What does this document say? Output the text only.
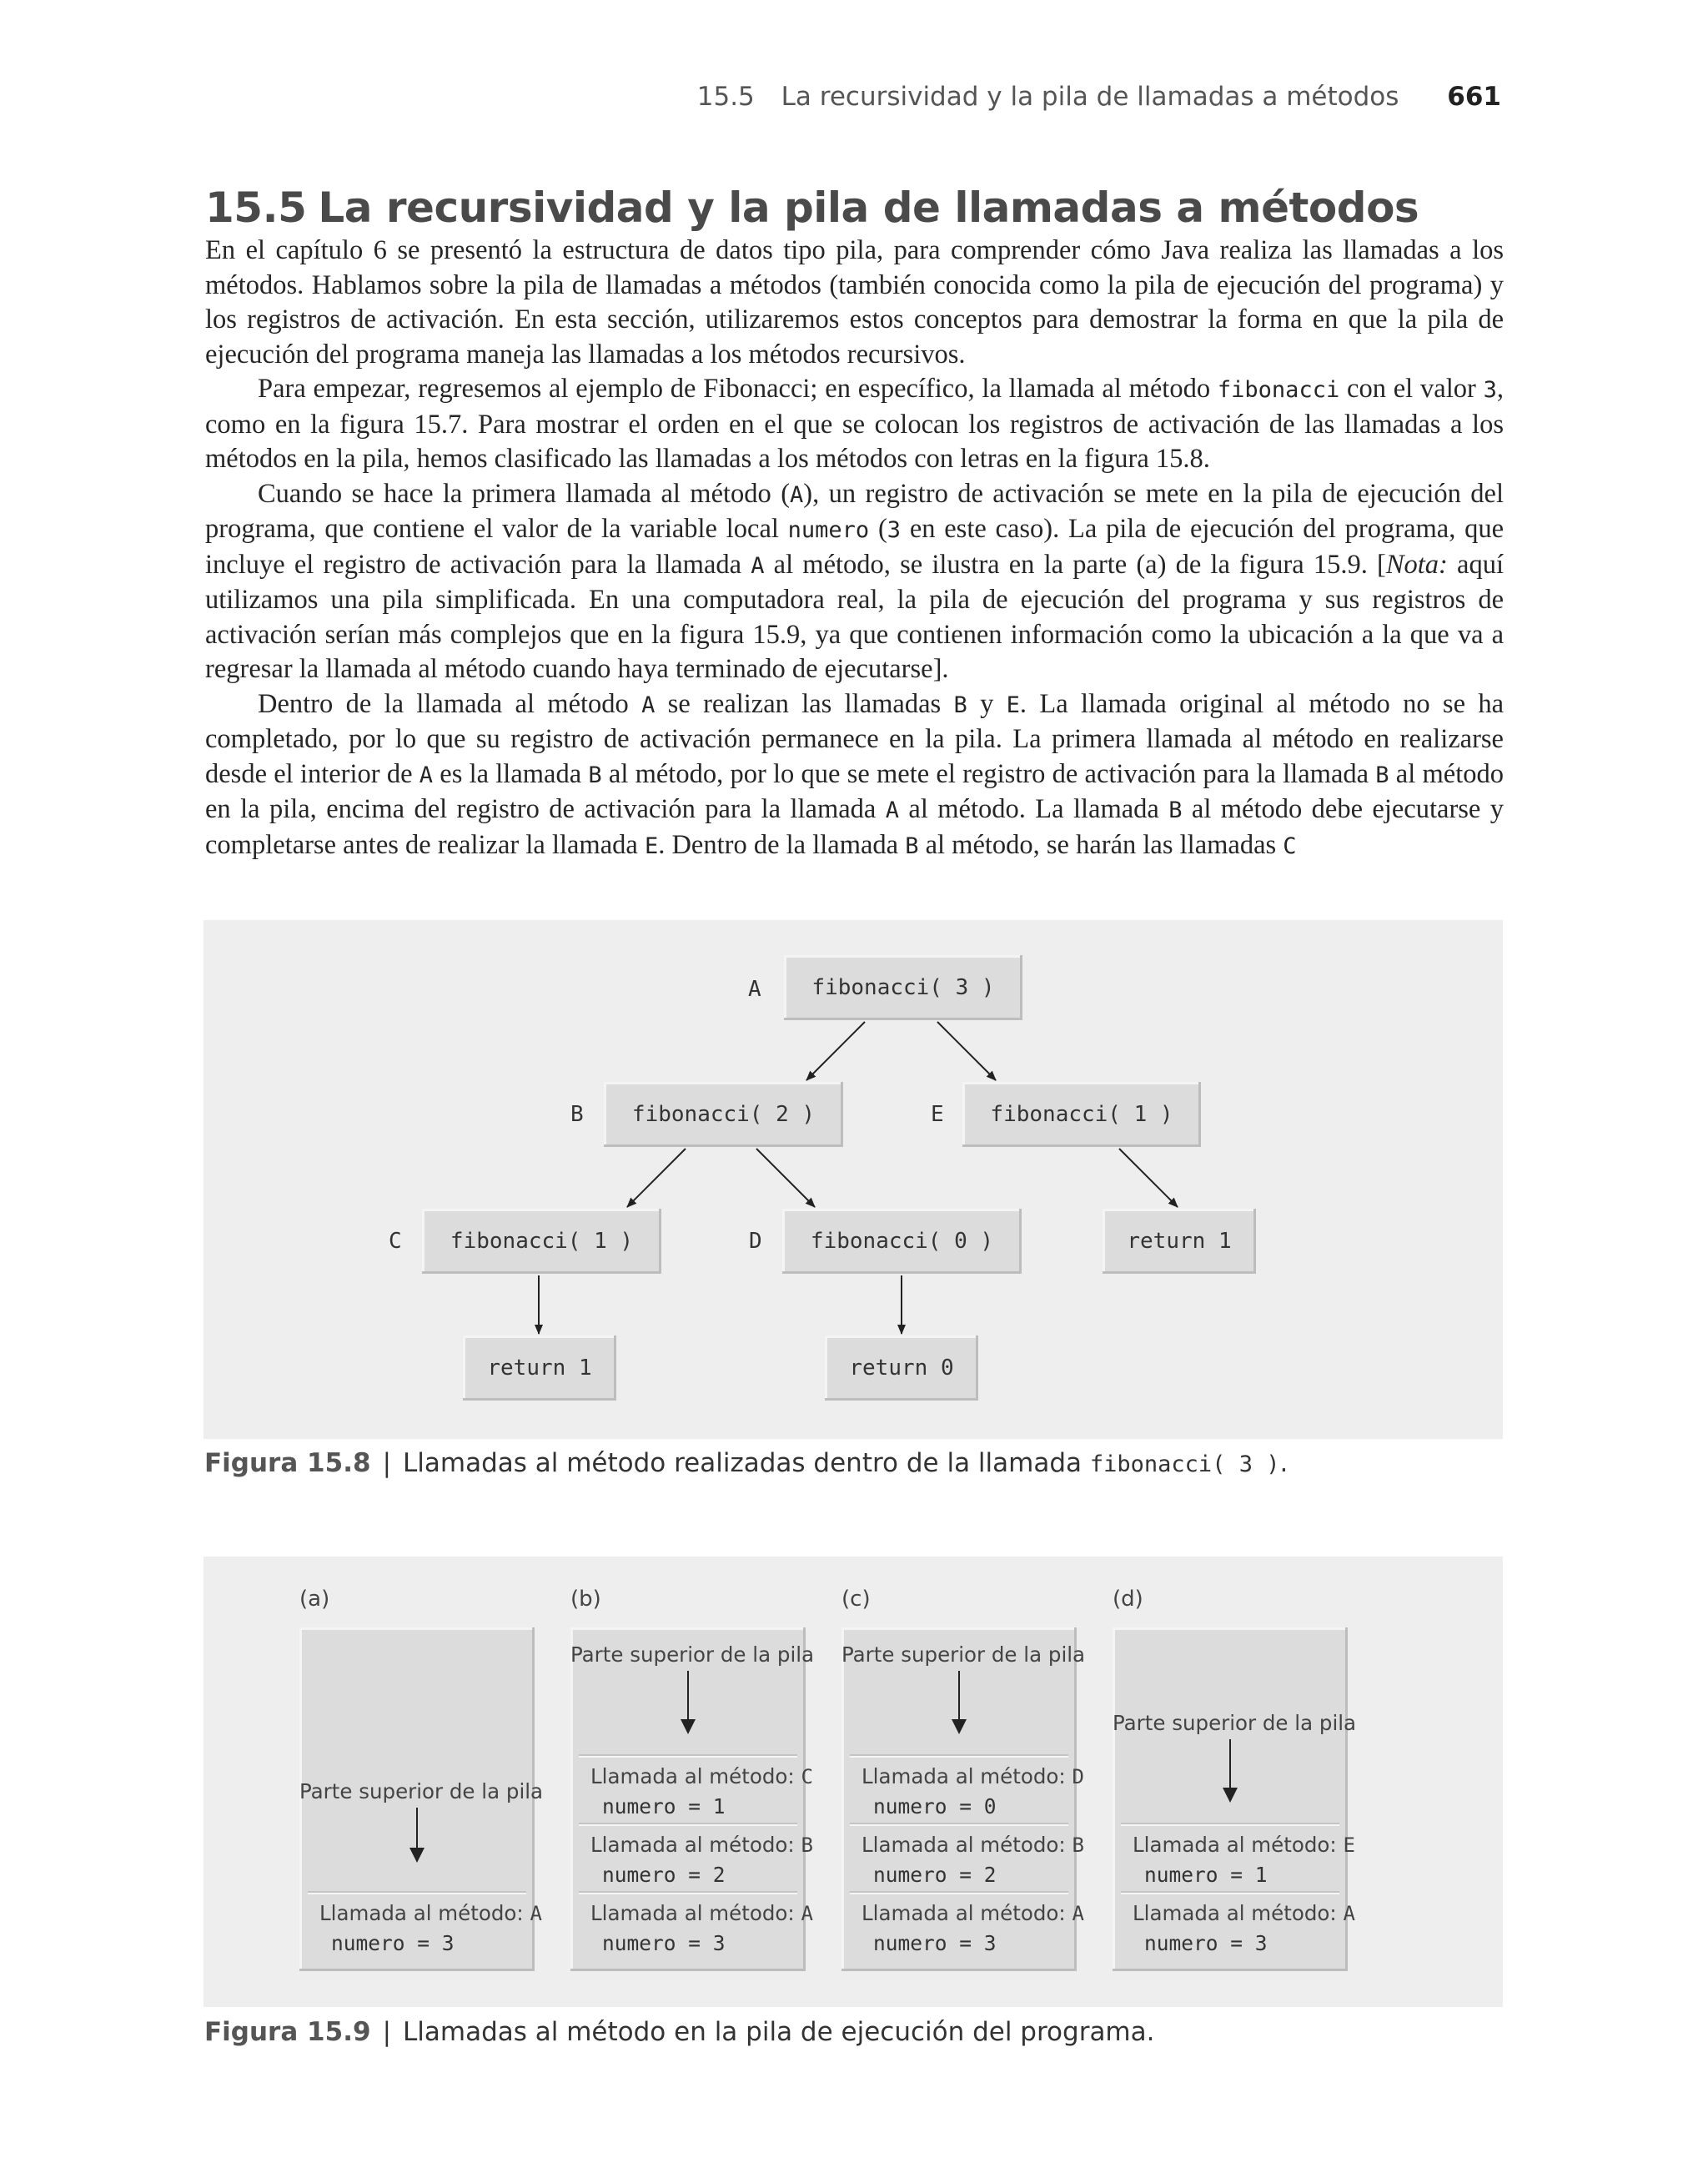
15.5 La recursividad y la pila de llamadas a métodos 661
15.5 La recursividad y la pila de llamadas a métodos

En el capítulo 6 se presentó la estructura de datos tipo pila, para comprender cómo Java realiza las llamadas a los métodos. Hablamos sobre la pila de llamadas a métodos (también conocida como la pila de ejecución del programa) y los registros de activación. En esta sección, utilizaremos estos conceptos para demostrar la forma en que la pila de ejecución del programa maneja las llamadas a los métodos recursivos.

Para empezar, regresemos al ejemplo de Fibonacci; en específico, la llamada al método fibonacci con el valor 3, como en la figura 15.7. Para mostrar el orden en el que se colocan los registros de activación de las llamadas a los métodos en la pila, hemos clasificado las llamadas a los métodos con letras en la figura 15.8.

Cuando se hace la primera llamada al método (A), un registro de activación se mete en la pila de ejecución del programa, que contiene el valor de la variable local numero (3 en este caso). La pila de ejecución del programa, que incluye el registro de activación para la llamada A al método, se ilustra en la parte (a) de la figura 15.9. [Nota: aquí utilizamos una pila simplificada. En una computadora real, la pila de ejecución del programa y sus registros de activación serían más complejos que en la figura 15.9, ya que contienen información como la ubicación a la que va a regresar la llamada al método cuando haya terminado de ejecutarse].

Dentro de la llamada al método A se realizan las llamadas B y E. La llamada original al método no se ha completado, por lo que su registro de activación permanece en la pila. La primera llamada al método en realizarse desde el interior de A es la llamada B al método, por lo que se mete el registro de activación para la llamada B al método en la pila, encima del registro de activación para la llamada A al método. La llamada B al método debe ejecutarse y completarse antes de realizar la llamada E. Dentro de la llamada B al método, se harán las llamadas C

A	fibonacci( 3 )
B	fibonacci( 2 )	E	fibonacci( 1 )
C	fibonacci( 1 )	D	fibonacci( 0 )	return 1
return 1	return 0
Figura 15.8 | Llamadas al método realizadas dentro de la llamada fibonacci( 3 ).
(a)
Parte superior de la pila
Llamada al método: A
numero = 3
(b)
Parte superior de la pila
Llamada al método: C
numero = 1
Llamada al método: B
numero = 2
Llamada al método: A
numero = 3
(c)
Parte superior de la pila
Llamada al método: D
numero = 0
Llamada al método: B
numero = 2
Llamada al método: A
numero = 3
(d)
Parte superior de la pila
Llamada al método: E
numero = 1
Llamada al método: A
numero = 3
Figura 15.9 | Llamadas al método en la pila de ejecución del programa.
